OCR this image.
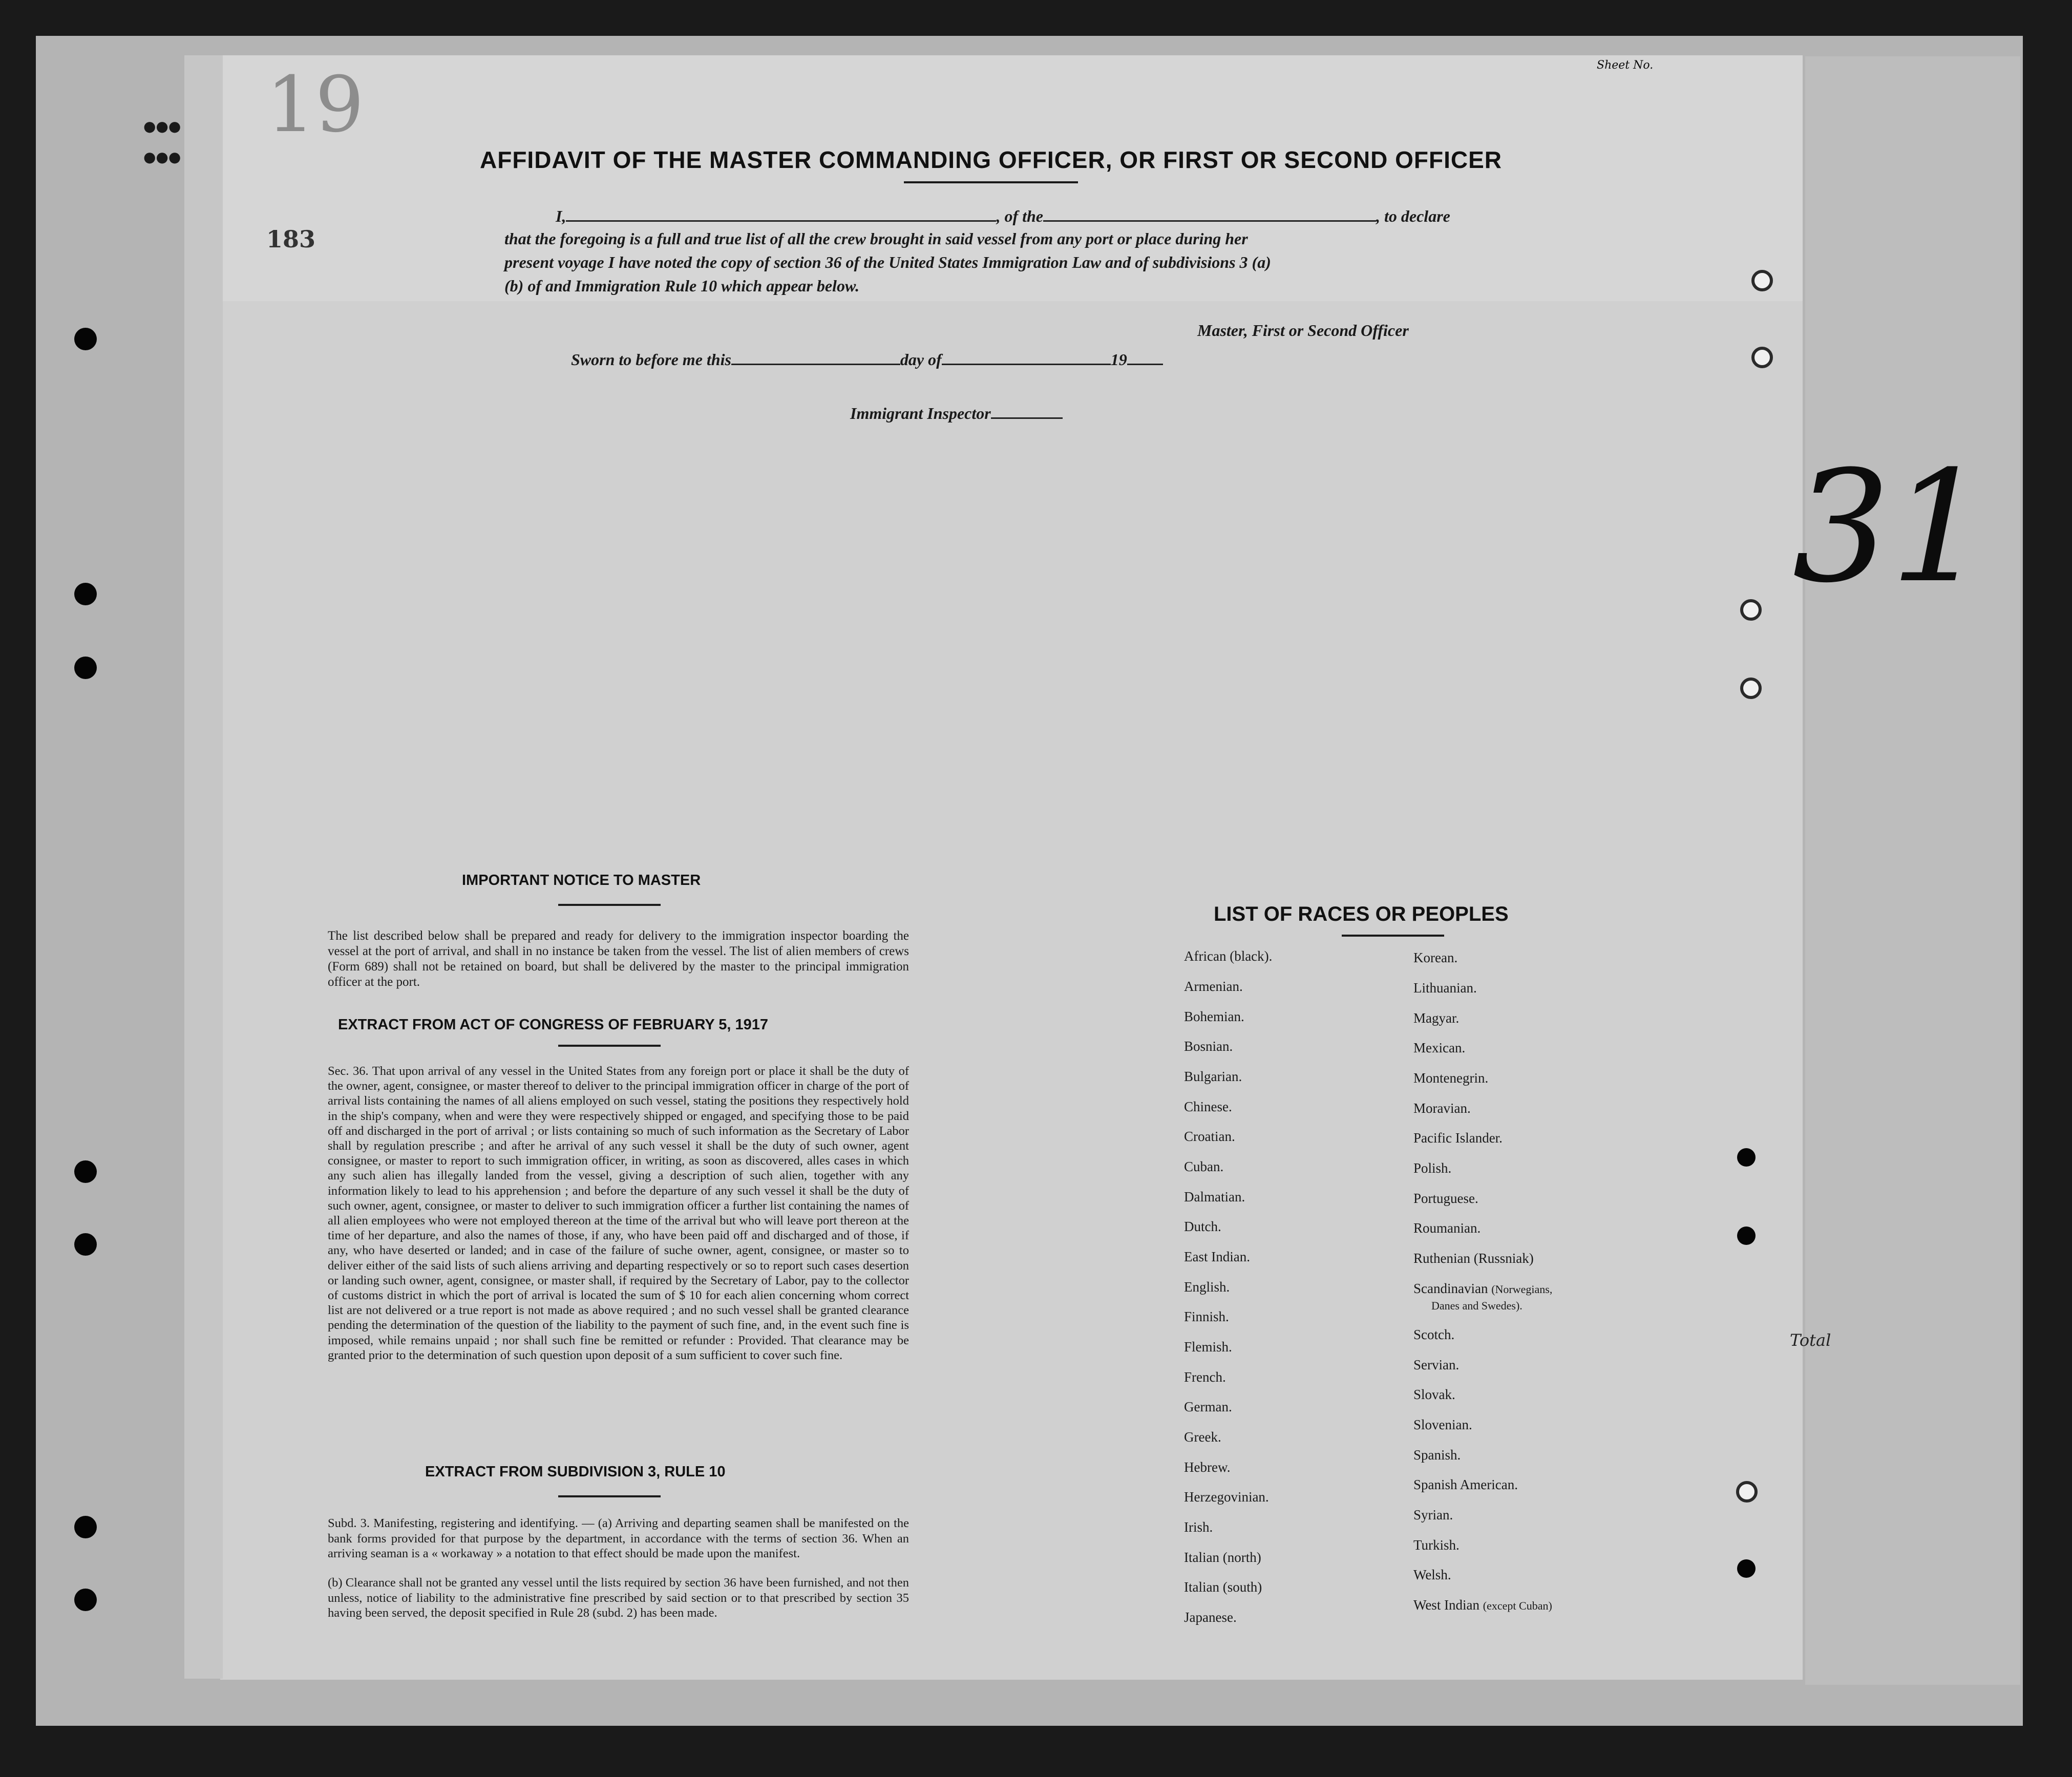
●●●
●●●	AFFIDAVIT OF THE MASTER COMMANDING OFFICER, OR FIRST OR SECOND OFFICER
I,	, of the	, to declare
that the foregoing is a full and true list of all the crew brought in said vessel from any port or place during her
present voyage I have noted the copy of section 36 of the United States Immigration Law and of subdivisions 3 (a)
(b) of and Immigration Rule 10 which appear below.
Master, First or Second Officer
Sworn to before me this	day of	19
Immigrant Inspector
IMPORTANT NOTICE TO MASTER
The list described below shall be prepared and ready for delivery to the immigration inspector boarding the vessel at the port of arrival, and shall in no instance be taken from the vessel. The list of alien members of crews (Form 689) shall not be retained on board, but shall be delivered by the master to the principal immigration officer at the port.
EXTRACT FROM ACT OF CONGRESS OF FEBRUARY 5, 1917
Sec. 36. That upon arrival of any vessel in the United States from any foreign port or place it shall be the duty of the owner, agent, consignee, or master thereof to deliver to the principal immigration officer in charge of the port of arrival lists containing the names of all aliens employed on such vessel, stating the positions they respectively hold in the ship's company, when and were they were respectively shipped or engaged, and specifying those to be paid off and discharged in the port of arrival ; or lists containing so much of such information as the Secretary of Labor shall by regulation prescribe ; and after he arrival of any such vessel it shall be the duty of such owner, agent consignee, or master to report to such immigration officer, in writing, as soon as discovered, alles cases in which any such alien has illegally landed from the vessel, giving a description of such alien, together with any information likely to lead to his apprehension ; and before the departure of any such vessel it shall be the duty of such owner, agent, consignee, or master to deliver to such immigration officer a further list containing the names of all alien employees who were not employed thereon at the time of the arrival but who will leave port thereon at the time of her departure, and also the names of those, if any, who have been paid off and discharged and of those, if any, who have deserted or landed; and in case of the failure of suche owner, agent, consignee, or master so to deliver either of the said lists of such aliens arriving and departing respectively or so to report such cases desertion or landing such owner, agent, consignee, or master shall, if required by the Secretary of Labor, pay to the collector of customs district in which the port of arrival is located the sum of $ 10 for each alien concerning whom correct list are not delivered or a true report is not made as above required ; and no such vessel shall be granted clearance pending the determination of the question of the liability to the payment of such fine, and, in the event such fine is imposed, while remains unpaid ; nor shall such fine be remitted or refunder : Provided. That clearance may be granted prior to the determination of such question upon deposit of a sum sufficient to cover such fine.
EXTRACT FROM SUBDIVISION 3, RULE 10
Subd. 3. Manifesting, registering and identifying. — (a) Arriving and departing seamen shall be manifested on the bank forms provided for that purpose by the department, in accordance with the terms of section 36. When an arriving seaman is a « workaway » a notation to that effect should be made upon the manifest.
(b) Clearance shall not be granted any vessel until the lists required by section 36 have been furnished, and not then unless, notice of liability to the administrative fine prescribed by said section or to that prescribed by section 35 having been served, the deposit specified in Rule 28 (subd. 2) has been made.
LIST OF RACES OR PEOPLES
African (black).
Armenian.
Bohemian.
Bosnian.
Bulgarian.
Chinese.
Croatian.
Cuban.
Dalmatian.
Dutch.
East Indian.
English.
Finnish.
Flemish.
French.
German.
Greek.
Hebrew.
Herzegovinian.
Irish.
Italian (north)
Italian (south)
Japanese.
Korean.
Lithuanian.
Magyar.
Mexican.
Montenegrin.
Moravian.
Pacific Islander.
Polish.
Portuguese.
Roumanian.
Ruthenian (Russniak)
Scandinavian (Norwegians,
Danes and Swedes).
Scotch.
Servian.
Slovak.
Slovenian.
Spanish.
Spanish American.
Syrian.
Turkish.
Welsh.
West Indian (except Cuban)
Sheet No.
31
19
183
Total
